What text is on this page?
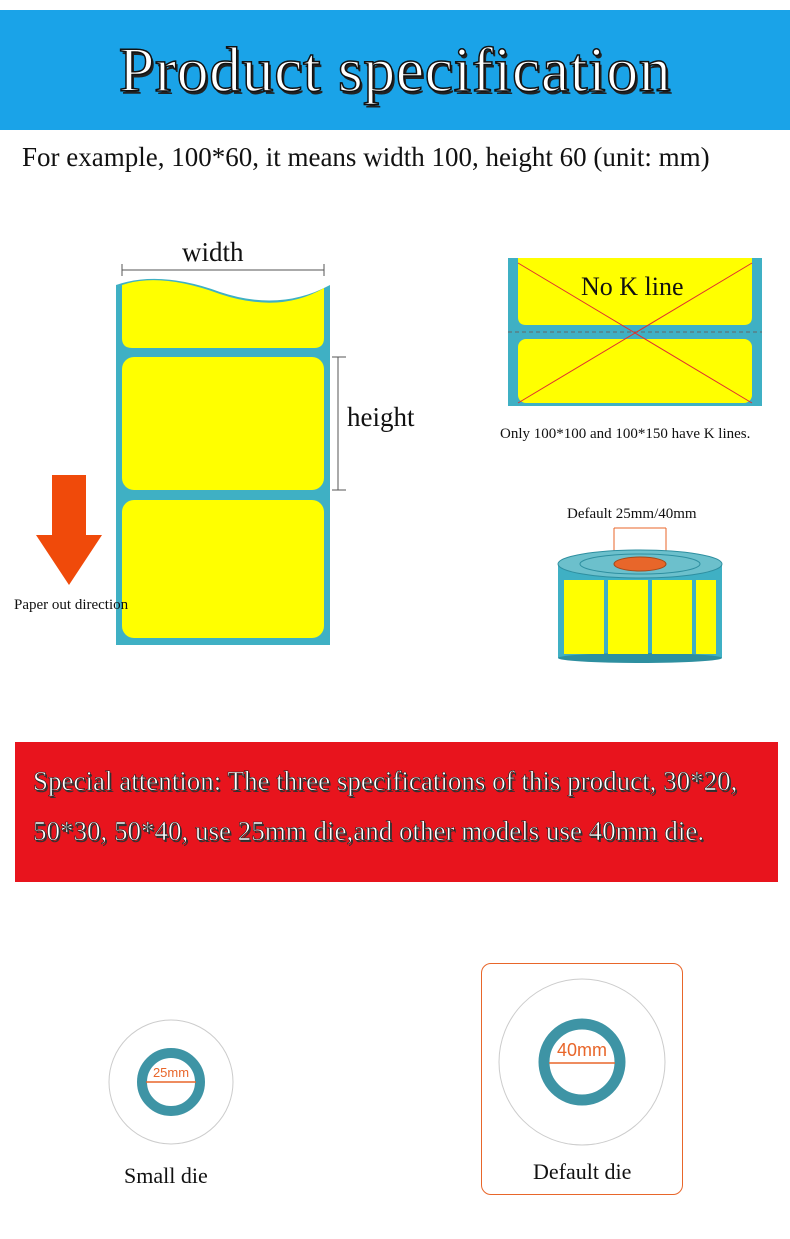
Product specification
For example, 100*60, it means width 100, height 60 (unit: mm)
width
height
Paper out direction
No K line
Only 100*100 and 100*150 have K lines.
Default 25mm/40mm
Special attention: The three specifications of this product, 30*20,
50*30, 50*40, use 25mm die,and other models use 40mm die.
25mm
Small die
40mm
Default die
